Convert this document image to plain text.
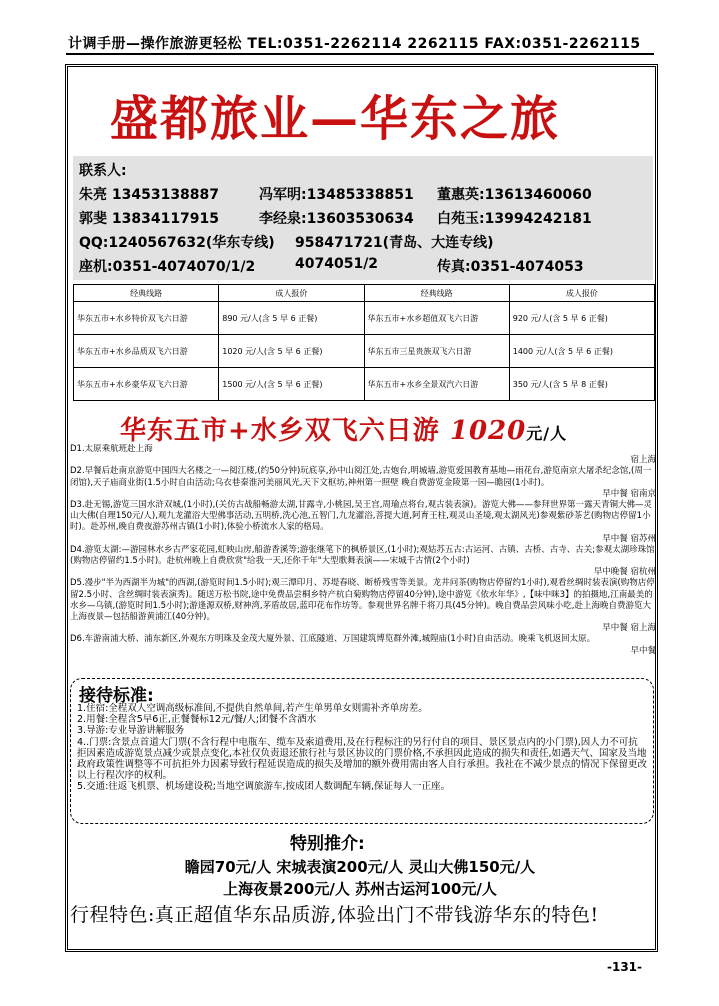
计调手册—操作旅游更轻松 TEL:0351-2262114 2262115 FAX:0351-2262115
盛都旅业—华东之旅
联系人:
朱亮 13453138887	冯军明:13485338851 董惠英:13613460060
郭斐 13834117915	李经泉:13603530634 白苑玉:13994242181
QQ:1240567632(华东专线) 958471721(青岛、大连专线)
座机:0351-4074070/1/2	4074051/2	传真:0351-4074053
经典线路	成人报价	经典线路	成人报价
华东五市+水乡特价双飞六日游	890 元/人(含 5 早 6 正餐)	华东五市+水乡超值双飞六日游	920 元/人(含 5 早 6 正餐)
华东五市+水乡品质双飞六日游	1020 元/人(含 5 早 6 正餐)	华东五市三星贵族双飞六日游	1400 元/人(含 5 早 6 正餐)
华东五市+水乡豪华双飞六日游	1500 元/人(含 5 早 6 正餐)	华东五市+水乡全景双汽六日游	350 元/人(含 5 早 8 正餐)
华东五市+水乡双飞六日游 1020元/人

D1.太原乘航班赴上海
宿上海

D2.早餐后赴南京游览中国四大名楼之一—阅江楼,(约50分钟)玩底享,孙中山阅江处,古炮台,明城墙,游览爱国教育基地—雨花台,游览南京大屠杀纪念馆,(周一闭馆),天子庙商业街(1.5小时自由活动;乌衣巷秦淮河美丽风光,天下文枢坊,神州第一照壁 晚自费游览金陵第一园—瞻园(1小时)。
早中餐 宿南京

D3.赴无锡,游览三国水浒双城,(1小时),(关仿古战船畅游太湖,甘露寺,小桃园,吴王宫,周瑜点将台,观古装表演)。游览大佛——参拜世界第一露天青铜大佛—灵山大佛(自理150元/人),观九龙灌浴大型佛事活动,五明桥,洗心池,五智门,九龙灌浴,菩提大道,阿育王柱,观灵山圣境,观太湖风光)参观紫砂茶艺(购物店停留1小时)。赴苏州,晚自费夜游苏州古镇(1小时),体验小桥流水人家的格局。
早中餐 宿苏州

D4.游览太湖:—游园林水乡古严家花园,虹映山房,船游香溪等;游张继笔下的枫桥景区,(1小时);观姑苏五古:古运河、古镇、古桥、古寺、古关;参观太湖珍珠馆(购物店停留约1.5小时)。赴杭州晚上自费欣赏"给我一天,还你千年"大型歌舞表演——宋城千古情(2个小时)
早中晚餐 宿杭州

D5.漫步"半为西湖半为城"的西湖,(游览时间1.5小时);观三潭印月、苏堤春晓、断桥残雪等美景。龙井问茶(购物店停留约1小时),观看丝绸时装表演(购物店停留2.5小时、含丝绸时装表演秀)。随送万松书院,途中免费品尝桐乡特产杭白菊购物店停留40分钟),途中游览《依水年华》,【味中咪3】的拍摄地,江南最美的水乡—乌镇,(游览时间1.5小时);游逢源双桥,财神湾,茅盾故居,蓝印花布作坊等。参观世界名牌千将刀具(45分钟)。晚自费品尝风味小吃,赴上海晚自费游览大上海夜景—包括船游黄浦江(40分钟)。
早中餐 宿上海

D6.车游南浦大桥、浦东新区,外观东方明珠及金茂大厦外景、江底隧道、万国建筑博览群外滩,城隍庙(1小时)自由活动。晚乘飞机返回太原。
早中餐

接待标准:

1.住宿:全程双人空调高级标准间,不提供自然单间,若产生单男单女则需补齐单房差。

2.用餐:全程含5早6正,正餐餐标12元/餐/人;团餐不含酒水

3.导游:专业导游讲解服务

4..门票:含景点首道大门票(不含行程中电瓶车、缆车及索道费用,及在行程标注的另行付自的项目、景区景点内的小门票),因人力不可抗拒因素造成游览景点减少或景点变化,本社仅负责退还旅行社与景区协议的门票价格,不承担因此造成的损失和责任,如遇天气、国家及当地政府政策性调整等不可抗拒外力因素导致行程延误造成的损失及增加的额外费用需由客人自行承担。我社在不减少景点的情况下保留更改以上行程次序的权利。

5.交通:往返飞机票、机场建设税;当地空调旅游车,按成团人数调配车辆,保证每人一正座。

特别推介:
瞻园70元/人 宋城表演200元/人 灵山大佛150元/人
上海夜景200元/人 苏州古运河100元/人
行程特色:真正超值华东品质游,体验出门不带钱游华东的特色!
-131-
